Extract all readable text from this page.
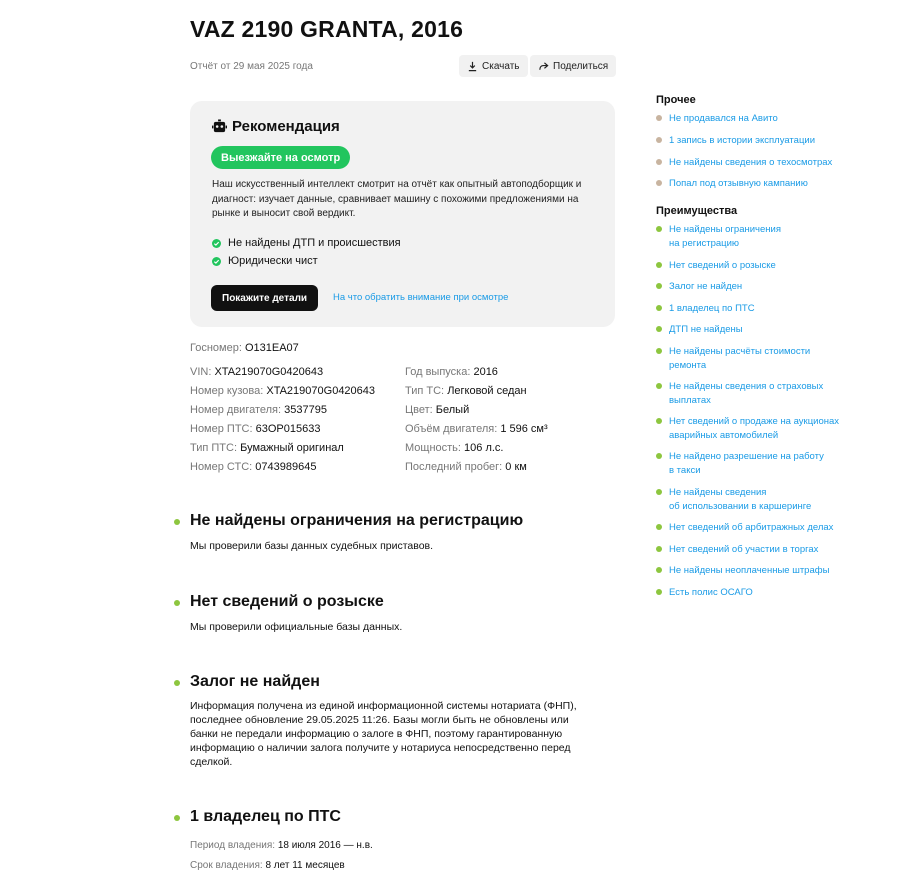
VAZ 2190 GRANTA, 2016
Отчёт от 29 мая 2025 года	Скачать	Поделиться
Рекомендация
Выезжайте на осмотр
Наш искусственный интеллект смотрит на отчёт как опытный автоподборщик и диагност: изучает данные, сравнивает машину с похожими предложениями на рынке и выносит свой вердикт.
Не найдены ДТП и происшествия
Юридически чист
Покажите детали	На что обратить внимание при осмотре
Госномер: О131ЕА07
VIN: XTA219070G0420643
Номер кузова: XTA219070G0420643
Номер двигателя: 3537795
Номер ПТС: 63ОР015633
Тип ПТС: Бумажный оригинал
Номер СТС: 0743989645
Год выпуска: 2016
Тип ТС: Легковой седан
Цвет: Белый
Объём двигателя: 1 596 см³
Мощность: 106 л.с.
Последний пробег: 0 км
Не найдены ограничения на регистрацию
Мы проверили базы данных судебных приставов.
Нет сведений о розыске
Мы проверили официальные базы данных.
Залог не найден
Информация получена из единой информационной системы нотариата (ФНП),
последнее обновление 29.05.2025 11:26. Базы могли быть не обновлены или
банки не передали информацию о залоге в ФНП, поэтому гарантированную
информацию о наличии залога получите у нотариуса непосредственно перед
сделкой.
1 владелец по ПТС
Период владения: 18 июля 2016 — н.в.
Срок владения: 8 лет 11 месяцев
Прочее
Не продавался на Авито
1 запись в истории эксплуатации
Не найдены сведения о техосмотрах
Попал под отзывную кампанию
Преимущества
Не найдены ограничения
на регистрацию
Нет сведений о розыске
Залог не найден
1 владелец по ПТС
ДТП не найдены
Не найдены расчёты стоимости
ремонта
Не найдены сведения о страховых
выплатах
Нет сведений о продаже на аукционах
аварийных автомобилей
Не найдено разрешение на работу
в такси
Не найдены сведения
об использовании в каршеринге
Нет сведений об арбитражных делах
Нет сведений об участии в торгах
Не найдены неоплаченные штрафы
Есть полис ОСАГО
